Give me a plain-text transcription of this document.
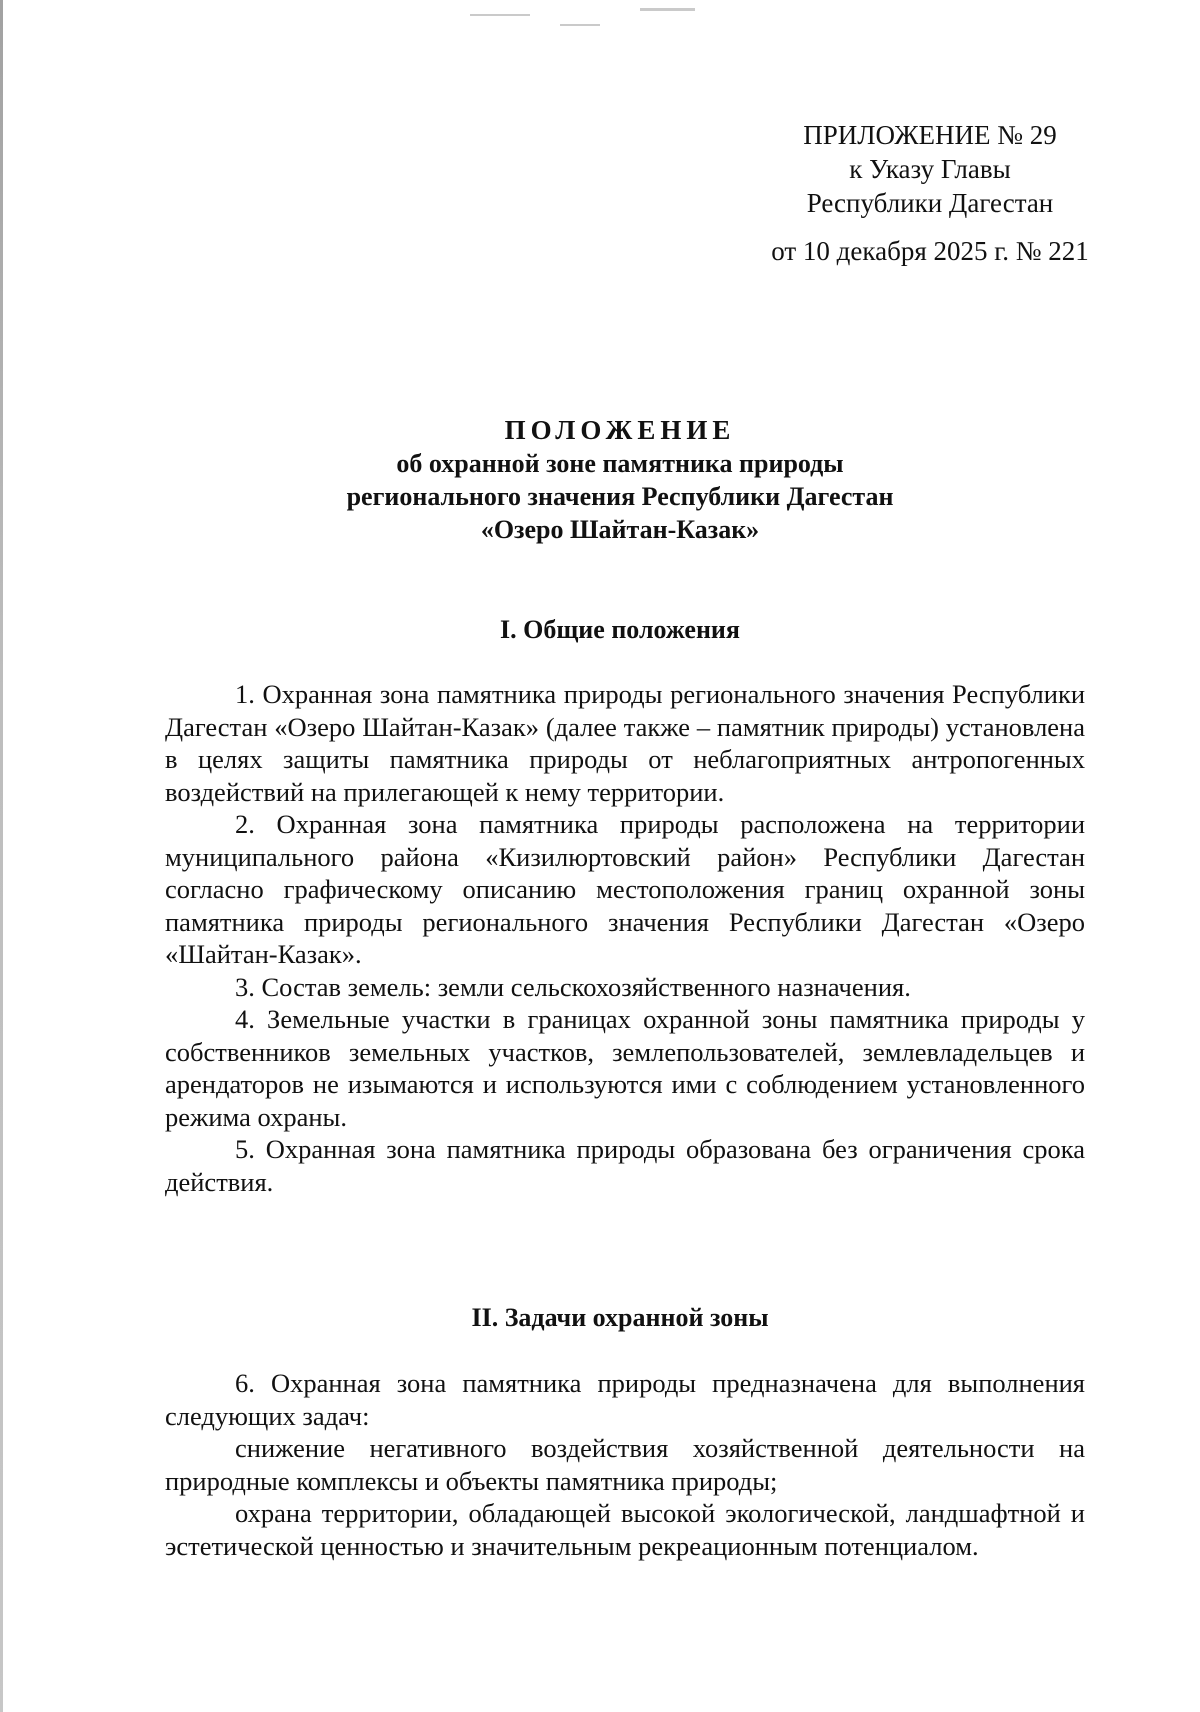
ПРИЛОЖЕНИЕ № 29
к Указу Главы
Республики Дагестан
от 10 декабря 2025 г. № 221
ПОЛОЖЕНИЕ
об охранной зоне памятника природы
регионального значения Республики Дагестан
«Озеро Шайтан-Казак»
I. Общие положения

1. Охранная зона памятника природы регионального значения Республики Дагестан «Озеро Шайтан-Казак» (далее также – памятник природы) установлена в целях защиты памятника природы от неблагоприятных антропогенных воздействий на прилегающей к нему территории.

2. Охранная зона памятника природы расположена на территории муниципального района «Кизилюртовский район» Республики Дагестан согласно графическому описанию местоположения границ охранной зоны памятника природы регионального значения Республики Дагестан «Озеро «Шайтан-Казак».

3. Состав земель: земли сельскохозяйственного назначения.

4. Земельные участки в границах охранной зоны памятника природы у собственников земельных участков, землепользователей, землевладельцев и арендаторов не изымаются и используются ими с соблюдением установленного режима охраны.

5. Охранная зона памятника природы образована без ограничения срока действия.

II. Задачи охранной зоны

6. Охранная зона памятника природы предназначена для выполнения следующих задач:

снижение негативного воздействия хозяйственной деятельности на природные комплексы и объекты памятника природы;

охрана территории, обладающей высокой экологической, ландшафтной и эстетической ценностью и значительным рекреационным потенциалом.
